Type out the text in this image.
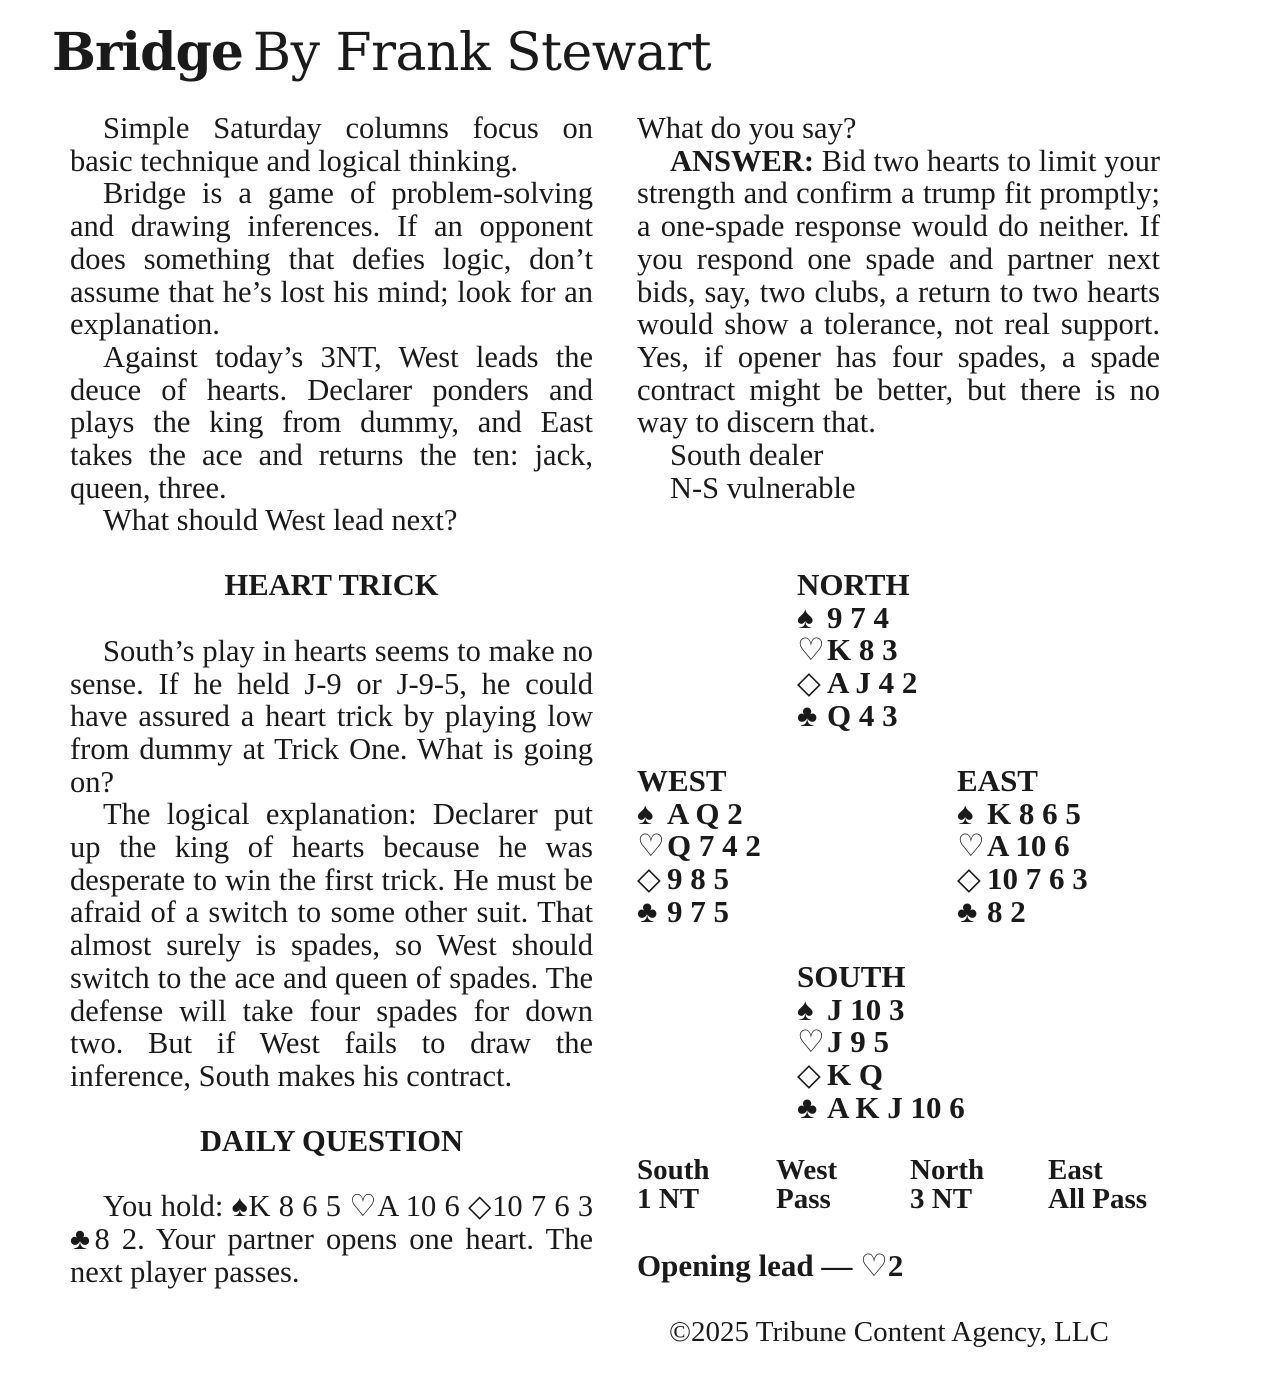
Bridge By Frank Stewart

Simple Saturday columns focus on basic technique and logical thinking.

Bridge is a game of problem-solving and drawing inferences. If an opponent does something that defies logic, don’t assume that he’s lost his mind; look for an explanation.

Against today’s 3NT, West leads the deuce of hearts. Declarer ponders and plays the king from dummy, and East takes the ace and returns the ten: jack, queen, three.

What should West lead next?

HEART TRICK

South’s play in hearts seems to make no sense. If he held J-9 or J-9-5, he could have assured a heart trick by playing low from dummy at Trick One. What is going on?

The logical explanation: Declarer put up the king of hearts because he was desperate to win the first trick. He must be afraid of a switch to some other suit. That almost surely is spades, so West should switch to the ace and queen of spades. The defense will take four spades for down two. But if West fails to draw the inference, South makes his contract.

DAILY QUESTION

You hold: ♠K 8 6 5 ♡A 10 6 ◇10 7 6 3 ♣8 2. Your partner opens one heart. The next player passes.

What do you say?

ANSWER: Bid two hearts to limit your strength and confirm a trump fit promptly; a one-spade response would do neither. If you respond one spade and partner next bids, say, two clubs, a return to two hearts would show a tolerance, not real support. Yes, if opener has four spades, a spade contract might be better, but there is no way to discern that.

South dealer

N-S vulnerable

NORTH
♠ 9 7 4
♡K 8 3
◇ A J 4 2
♣ Q 4 3
WEST
♠ A Q 2
♡Q 7 4 2
◇ 9 8 5
♣ 9 7 5
EAST
♠ K 8 6 5
♡A 10 6
◇ 10 7 6 3
♣ 8 2
SOUTH
♠ J 10 3
♡J 9 5
◇ K Q
♣ A K J 10 6
South
1 NT
West
Pass
North
3 NT
East
All Pass
Opening lead — ♡2
©2025 Tribune Content Agency, LLC
